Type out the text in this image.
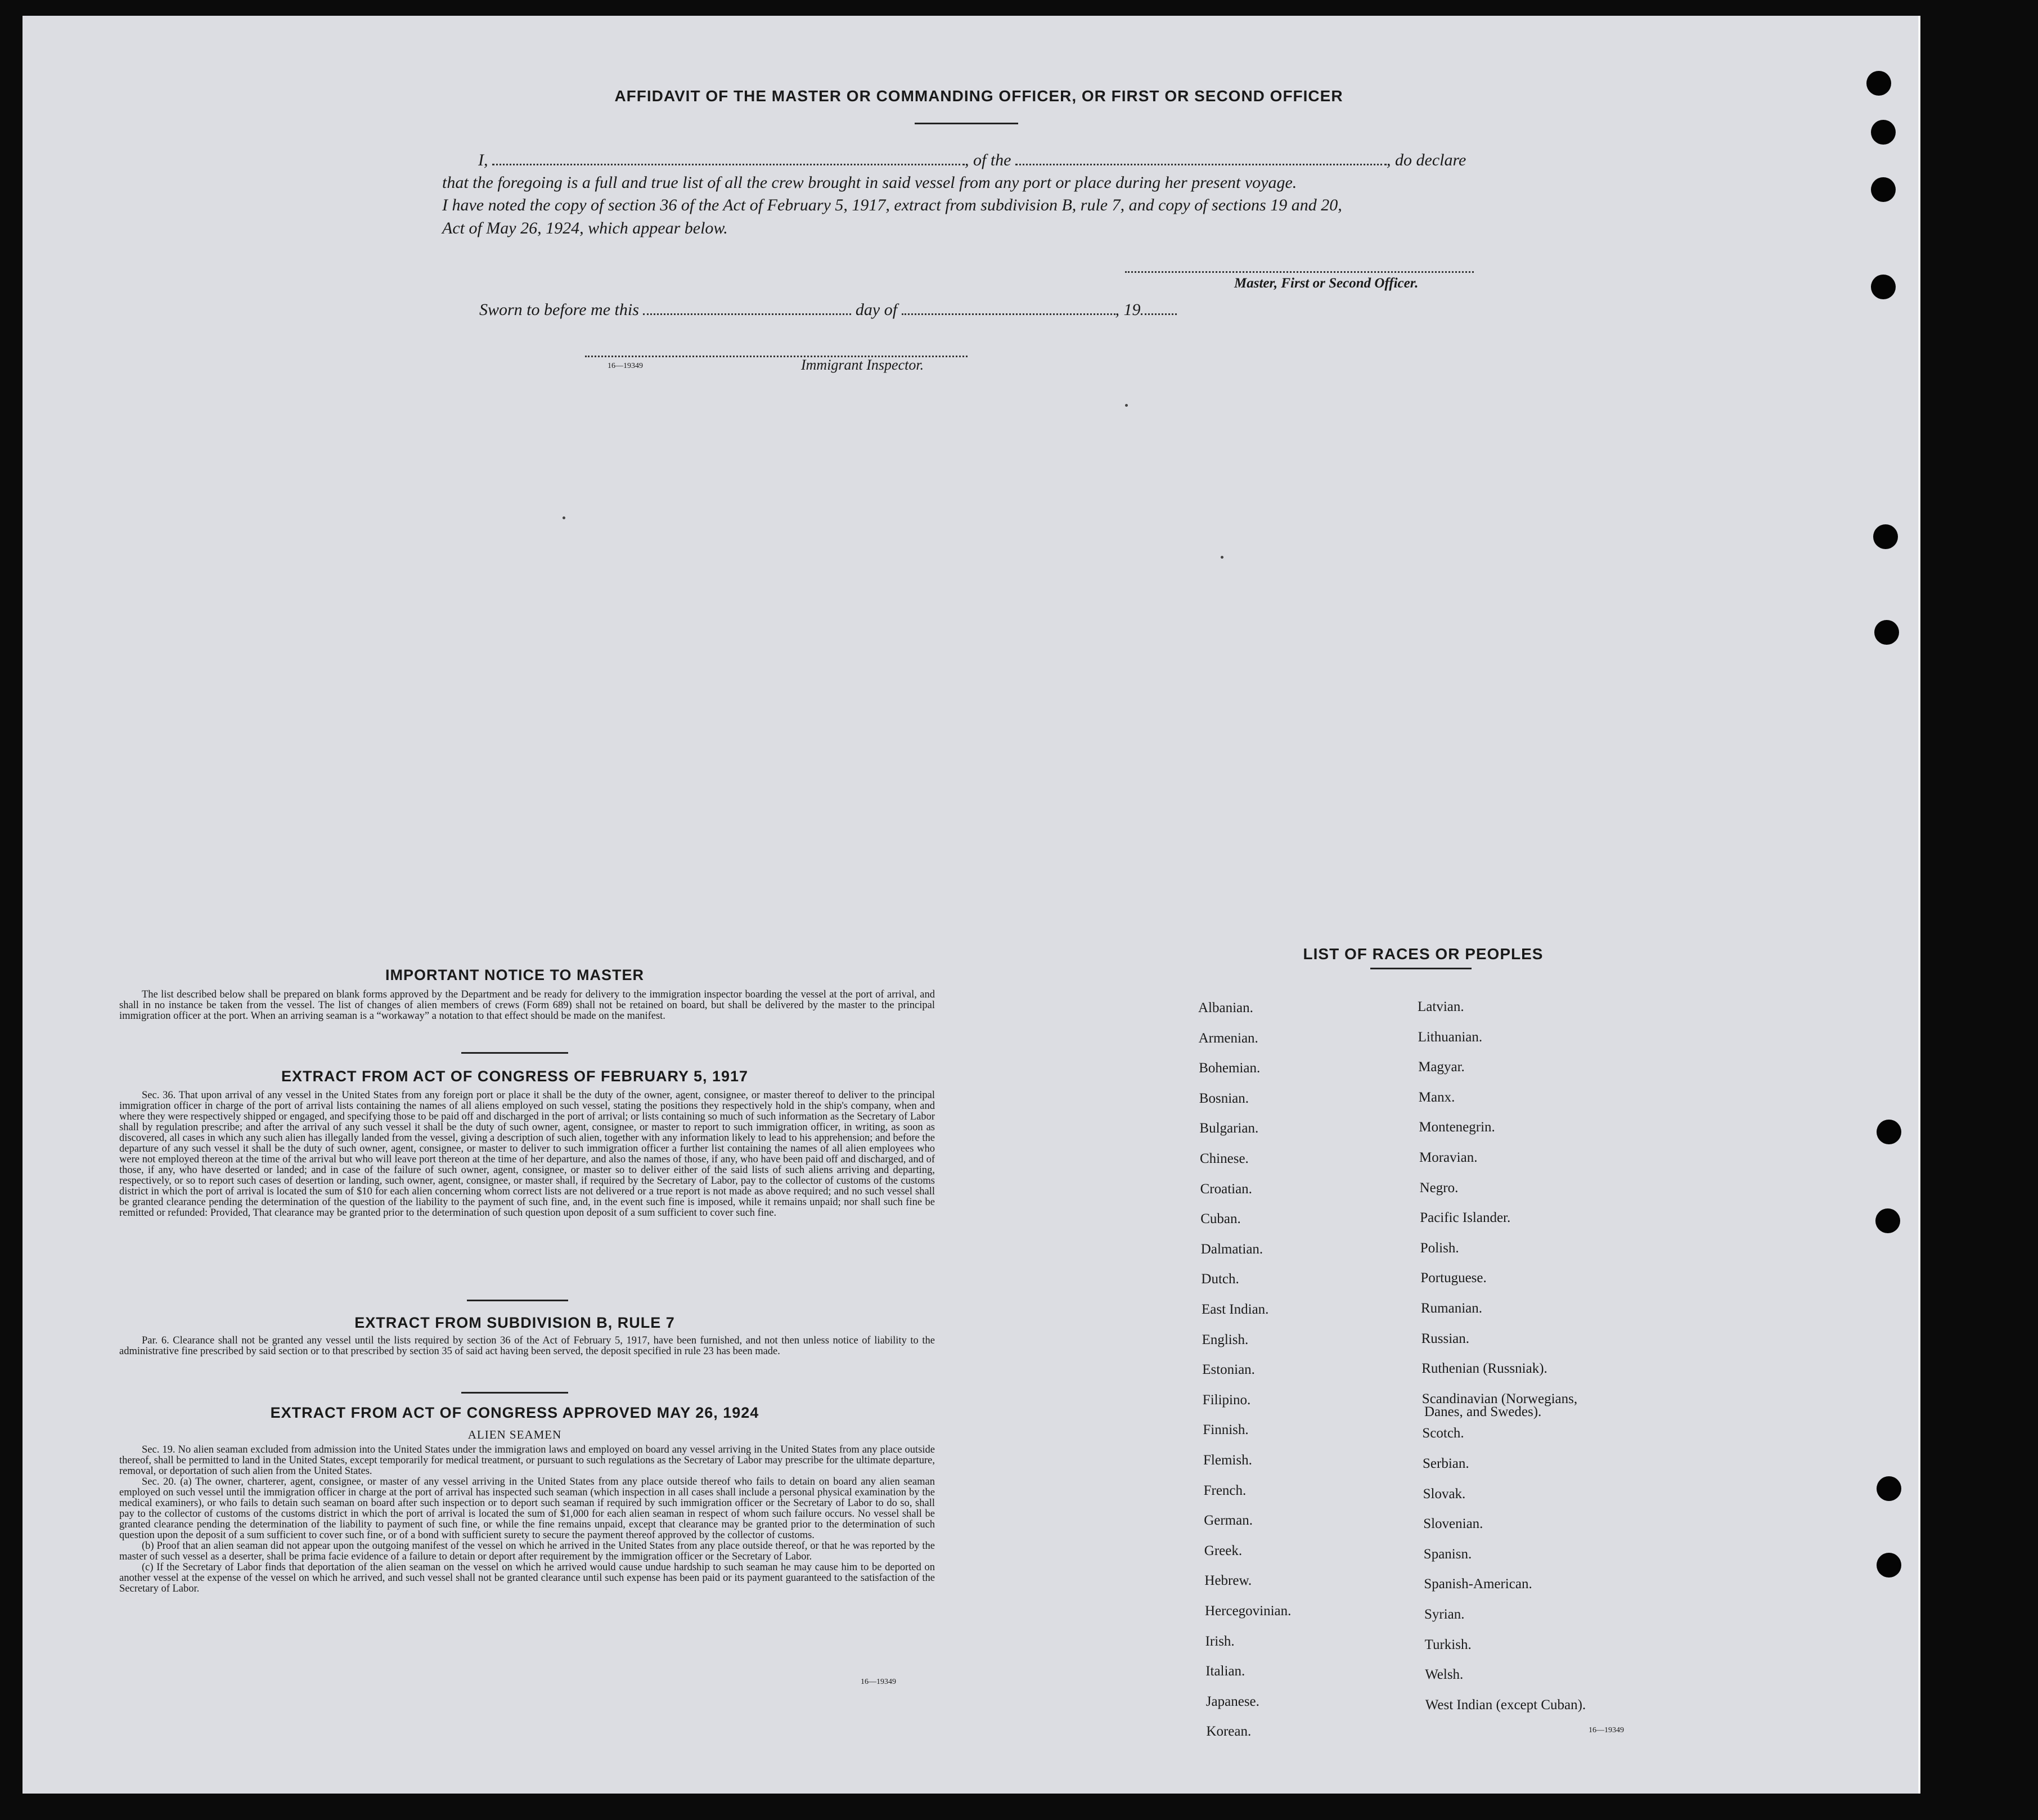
AFFIDAVIT OF THE MASTER OR COMMANDING OFFICER, OR FIRST OR SECOND OFFICER
I,	, of the	, do declare
that the foregoing is a full and true list of all the crew brought in said vessel from any port or place during her present voyage.
I have noted the copy of section 36 of the Act of February 5, 1917, extract from subdivision B, rule 7, and copy of sections 19 and 20,
Act of May 26, 1924, which appear below.
Master, First or Second Officer.
Sworn to before me this	day of	, 19
16—19349	Immigrant Inspector.
IMPORTANT NOTICE TO MASTER

The list described below shall be prepared on blank forms approved by the Department and be ready for delivery to the immigration inspector boarding the vessel at the port of arrival, and shall in no instance be taken from the vessel. The list of changes of alien members of crews (Form 689) shall not be retained on board, but shall be delivered by the master to the principal immigration officer at the port. When an arriving seaman is a “workaway” a notation to that effect should be made on the manifest.

EXTRACT FROM ACT OF CONGRESS OF FEBRUARY 5, 1917

Sec. 36. That upon arrival of any vessel in the United States from any foreign port or place it shall be the duty of the owner, agent, consignee, or master thereof to deliver to the principal immigration officer in charge of the port of arrival lists containing the names of all aliens employed on such vessel, stating the positions they respectively hold in the ship's company, when and where they were respectively shipped or engaged, and specifying those to be paid off and discharged in the port of arrival; or lists containing so much of such information as the Secretary of Labor shall by regulation prescribe; and after the arrival of any such vessel it shall be the duty of such owner, agent, consignee, or master to report to such immigration officer, in writing, as soon as discovered, all cases in which any such alien has illegally landed from the vessel, giving a description of such alien, together with any information likely to lead to his apprehension; and before the departure of any such vessel it shall be the duty of such owner, agent, consignee, or master to deliver to such immigration officer a further list containing the names of all alien employees who were not employed thereon at the time of the arrival but who will leave port thereon at the time of her departure, and also the names of those, if any, who have been paid off and discharged, and of those, if any, who have deserted or landed; and in case of the failure of such owner, agent, consignee, or master so to deliver either of the said lists of such aliens arriving and departing, respectively, or so to report such cases of desertion or landing, such owner, agent, consignee, or master shall, if required by the Secretary of Labor, pay to the collector of customs of the customs district in which the port of arrival is located the sum of $10 for each alien concerning whom correct lists are not delivered or a true report is not made as above required; and no such vessel shall be granted clearance pending the determination of the question of the liability to the payment of such fine, and, in the event such fine is imposed, while it remains unpaid; nor shall such fine be remitted or refunded: Provided, That clearance may be granted prior to the determination of such question upon deposit of a sum sufficient to cover such fine.

EXTRACT FROM SUBDIVISION B, RULE 7

Par. 6. Clearance shall not be granted any vessel until the lists required by section 36 of the Act of February 5, 1917, have been furnished, and not then unless notice of liability to the administrative fine prescribed by said section or to that prescribed by section 35 of said act having been served, the deposit specified in rule 23 has been made.

EXTRACT FROM ACT OF CONGRESS APPROVED MAY 26, 1924
ALIEN SEAMEN

Sec. 19. No alien seaman excluded from admission into the United States under the immigration laws and employed on board any vessel arriving in the United States from any place outside thereof, shall be permitted to land in the United States, except temporarily for medical treatment, or pursuant to such regulations as the Secretary of Labor may prescribe for the ultimate departure, removal, or deportation of such alien from the United States.

Sec. 20. (a) The owner, charterer, agent, consignee, or master of any vessel arriving in the United States from any place outside thereof who fails to detain on board any alien seaman employed on such vessel until the immigration officer in charge at the port of arrival has inspected such seaman (which inspection in all cases shall include a personal physical examination by the medical examiners), or who fails to detain such seaman on board after such inspection or to deport such seaman if required by such immigration officer or the Secretary of Labor to do so, shall pay to the collector of customs of the customs district in which the port of arrival is located the sum of $1,000 for each alien seaman in respect of whom such failure occurs. No vessel shall be granted clearance pending the determination of the liability to payment of such fine, or while the fine remains unpaid, except that clearance may be granted prior to the determination of such question upon the deposit of a sum sufficient to cover such fine, or of a bond with sufficient surety to secure the payment thereof approved by the collector of customs.

(b) Proof that an alien seaman did not appear upon the outgoing manifest of the vessel on which he arrived in the United States from any place outside thereof, or that he was reported by the master of such vessel as a deserter, shall be prima facie evidence of a failure to detain or deport after requirement by the immigration officer or the Secretary of Labor.

(c) If the Secretary of Labor finds that deportation of the alien seaman on the vessel on which he arrived would cause undue hardship to such seaman he may cause him to be deported on another vessel at the expense of the vessel on which he arrived, and such vessel shall not be granted clearance until such expense has been paid or its payment guaranteed to the satisfaction of the Secretary of Labor.

16—19349
LIST OF RACES OR PEOPLES
Albanian.
Armenian.
Bohemian.
Bosnian.
Bulgarian.
Chinese.
Croatian.
Cuban.
Dalmatian.
Dutch.
East Indian.
English.
Estonian.
Filipino.
Finnish.
Flemish.
French.
German.
Greek.
Hebrew.
Hercegovinian.
Irish.
Italian.
Japanese.
Korean.
Latvian.
Lithuanian.
Magyar.
Manx.
Montenegrin.
Moravian.
Negro.
Pacific Islander.
Polish.
Portuguese.
Rumanian.
Russian.
Ruthenian (Russniak).
Scandinavian (Norwegians,
Scotch.
Serbian.
Slovak.
Slovenian.
Spanisn.
Spanish-American.
Syrian.
Turkish.
Welsh.
West Indian (except Cuban).
Danes, and Swedes).
16—19349
